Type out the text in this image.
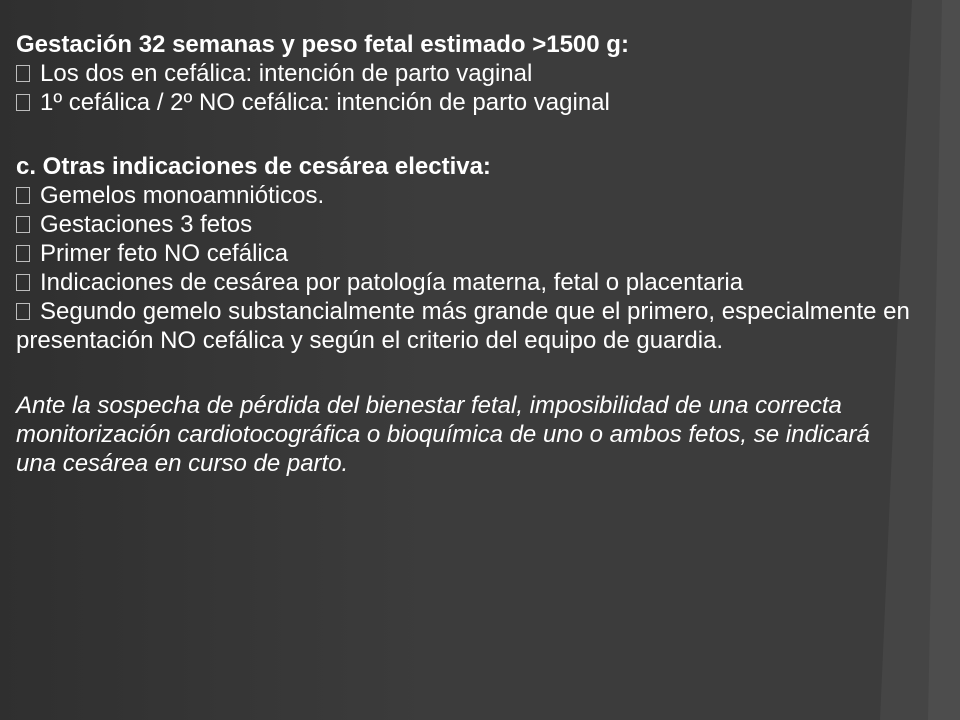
Gestación 32 semanas y peso fetal estimado >1500 g:

Los dos en cefálica: intención de parto vaginal

1º cefálica / 2º NO cefálica: intención de parto vaginal

c. Otras indicaciones de cesárea electiva:

Gemelos monoamnióticos.

Gestaciones 3 fetos

Primer feto NO cefálica

Indicaciones de cesárea por patología materna, fetal o placentaria

Segundo gemelo substancialmente más grande que el primero, especialmente en presentación NO cefálica y según el criterio del equipo de guardia.

Ante la sospecha de pérdida del bienestar fetal, imposibilidad de una correcta monitorización cardiotocográfica o bioquímica de uno o ambos fetos, se indicará una cesárea en curso de parto.
